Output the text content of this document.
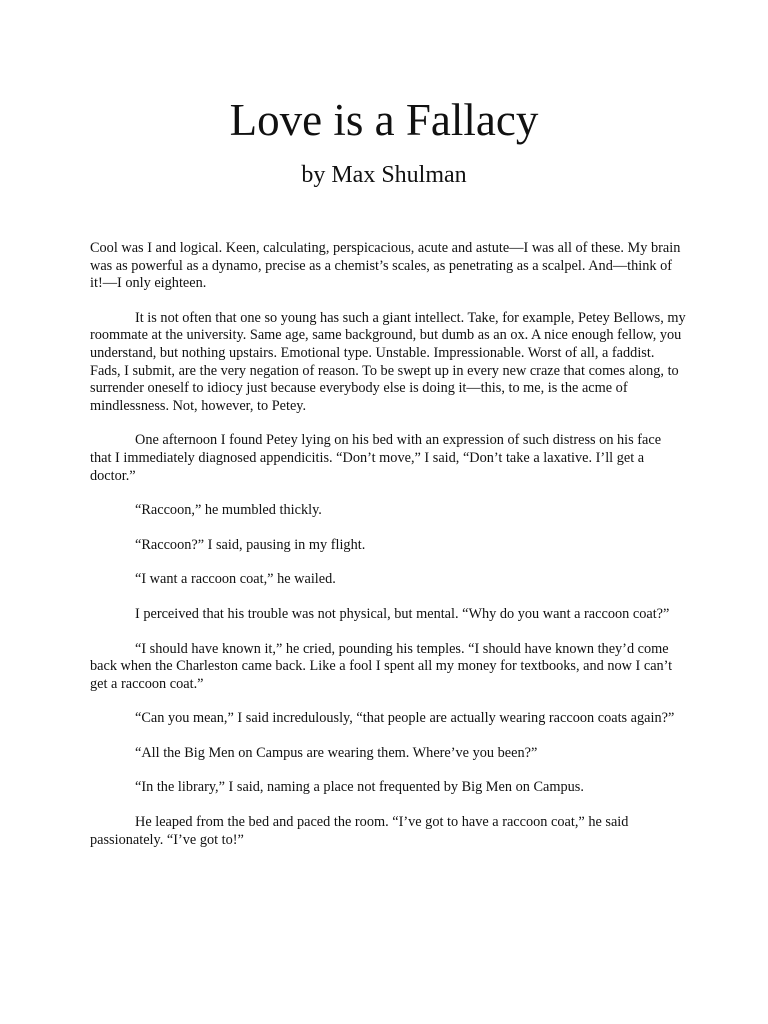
Love is a Fallacy
by Max Shulman

Cool was I and logical. Keen, calculating, perspicacious, acute and astute—I was all of these. My brain was as powerful as a dynamo, precise as a chemist’s scales, as penetrating as a scalpel. And—think of it!—I only eighteen.

It is not often that one so young has such a giant intellect. Take, for example, Petey Bellows, my roommate at the university. Same age, same background, but dumb as an ox. A nice enough fellow, you understand, but nothing upstairs. Emotional type. Unstable. Impressionable. Worst of all, a faddist. Fads, I submit, are the very negation of reason. To be swept up in every new craze that comes along, to surrender oneself to idiocy just because everybody else is doing it—this, to me, is the acme of mindlessness. Not, however, to Petey.

One afternoon I found Petey lying on his bed with an expression of such distress on his face that I immediately diagnosed appendicitis. “Don’t move,” I said, “Don’t take a laxative. I’ll get a doctor.”

“Raccoon,” he mumbled thickly.

“Raccoon?” I said, pausing in my flight.

“I want a raccoon coat,” he wailed.

I perceived that his trouble was not physical, but mental. “Why do you want a raccoon coat?”

“I should have known it,” he cried, pounding his temples. “I should have known they’d come back when the Charleston came back. Like a fool I spent all my money for textbooks, and now I can’t get a raccoon coat.”

“Can you mean,” I said incredulously, “that people are actually wearing raccoon coats again?”

“All the Big Men on Campus are wearing them. Where’ve you been?”

“In the library,” I said, naming a place not frequented by Big Men on Campus.

He leaped from the bed and paced the room. “I’ve got to have a raccoon coat,” he said passionately. “I’ve got to!”
